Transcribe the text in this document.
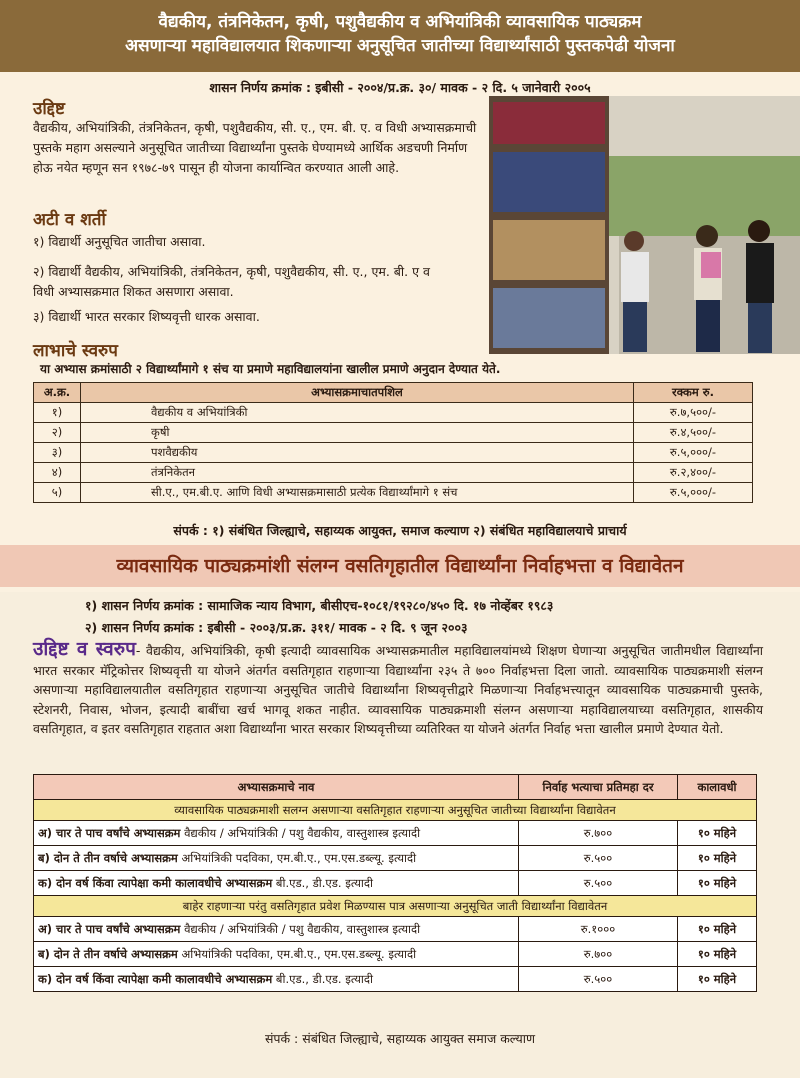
वैद्यकीय, तंत्रनिकेतन, कृषी, पशुवैद्यकीय व अभियांत्रिकी व्यावसायिक पाठ्यक्रम
असणाऱ्या महाविद्यालयात शिकणाऱ्या अनुसूचित जातीच्या विद्यार्थ्यांसाठी पुस्तकपेढी योजना
शासन निर्णय क्रमांक : इबीसी - २००४/प्र.क्र. ३०/ मावक - २ दि. ५ जानेवारी २००५
उद्दिष्ट
वैद्यकीय, अभियांत्रिकी, तंत्रनिकेतन, कृषी, पशुवैद्यकीय, सी. ए., एम. बी. ए. व विधी अभ्यासक्रमाची पुस्तके महाग असल्याने अनुसूचित जातीच्या विद्यार्थ्यांना पुस्तके घेण्यामध्ये आर्थिक अडचणी निर्माण होऊ नयेत म्हणून सन १९७८-७९ पासून ही योजना कार्यान्वित करण्यात आली आहे.
अटी व शर्ती
१) विद्यार्थी अनुसूचित जातीचा असावा.
२) विद्यार्थी वैद्यकीय, अभियांत्रिकी, तंत्रनिकेतन, कृषी, पशुवैद्यकीय, सी. ए., एम. बी. ए व विधी अभ्यासक्रमात शिकत असणारा असावा.
३) विद्यार्थी भारत सरकार शिष्यवृत्ती धारक असावा.
लाभाचे स्वरुप
या अभ्यास क्रमांसाठी २ विद्यार्थ्यांमागे १ संच या प्रमाणे महाविद्यालयांना खालील प्रमाणे अनुदान देण्यात येते.
अ.क्र.	अभ्यासक्रमाचातपशिल	रक्कम रु.
१)	वैद्यकीय व अभियांत्रिकी	रु.७,५००/-
२)	कृषी	रु.४,५००/-
३)	पशवैद्यकीय	रु.५,०००/-
४)	तंत्रनिकेतन	रु.२,४००/-
५)	सी.ए., एम.बी.ए. आणि विधी अभ्यासक्रमासाठी प्रत्येक विद्यार्थ्यांमागे १ संच	रु.५,०००/-
संपर्क : १) संबंधित जिल्ह्याचे, सहाय्यक आयुक्त, समाज कल्याण २) संबंधित महाविद्यालयाचे प्राचार्य
व्यावसायिक पाठ्यक्रमांशी संलग्न वसतिगृहातील विद्यार्थ्यांना निर्वाहभत्ता व विद्यावेतन
१) शासन निर्णय क्रमांक : सामाजिक न्याय विभाग, बीसीएच-१०८१/१९२८०/४५० दि. १७ नोव्हेंबर १९८३
२) शासन निर्णय क्रमांक : इबीसी - २००३/प्र.क्र. ३११/ मावक - २ दि. ९ जून २००३
उद्दिष्ट व स्वरुप- वैद्यकीय, अभियांत्रिकी, कृषी इत्यादी व्यावसायिक अभ्यासक्रमातील महाविद्यालयांमध्ये शिक्षण घेणाऱ्या अनुसूचित जातीमधील विद्यार्थ्यांना भारत सरकार मॅट्रिकोत्तर शिष्यवृत्ती या योजने अंतर्गत वसतिगृहात राहणाऱ्या विद्यार्थ्यांना २३५ ते ७०० निर्वाहभत्ता दिला जातो. व्यावसायिक पाठ्यक्रमाशी संलग्न असणाऱ्या महाविद्यालयातील वसतिगृहात राहणाऱ्या अनुसूचित जातीचे विद्यार्थ्यांना शिष्यवृत्तीद्वारे मिळणाऱ्या निर्वाहभत्त्यातून व्यावसायिक पाठ्यक्रमाची पुस्तके, स्टेशनरी, निवास, भोजन, इत्यादी बाबींचा खर्च भागवू शकत नाहीत. व्यावसायिक पाठ्यक्रमाशी संलग्न असणाऱ्या महाविद्यालयाच्या वसतिगृहात, शासकीय वसतिगृहात, व इतर वसतिगृहात राहतात अशा विद्यार्थ्यांना भारत सरकार शिष्यवृत्तीच्या व्यतिरिक्त या योजने अंतर्गत निर्वाह भत्ता खालील प्रमाणे देण्यात येतो.
अभ्यासक्रमाचे नाव	निर्वाह भत्याचा प्रतिमहा दर	कालावधी
व्यावसायिक पाठ्यक्रमाशी सलग्न असणाऱ्या वसतिगृहात राहणाऱ्या अनुसूचित जातीच्या विद्यार्थ्यांना विद्यावेतन		
अ) चार ते पाच वर्षांचे अभ्यासक्रम वैद्यकीय / अभियांत्रिकी / पशु वैद्यकीय, वास्तुशास्त्र इत्यादी	रु.७००	१० महिने
ब) दोन ते तीन वर्षाचे अभ्यासक्रम अभियांत्रिकी पदविका, एम.बी.ए., एम.एस.डब्ल्यू. इत्यादी	रु.५००	१० महिने
क) दोन वर्ष किंवा त्यापेक्षा कमी कालावधीचे अभ्यासक्रम बी.एड., डी.एड. इत्यादी	रु.५००	१० महिने
बाहेर राहणाऱ्या परंतु वसतिगृहात प्रवेश मिळण्यास पात्र असणाऱ्या अनुसूचित जाती विद्यार्थ्यांना विद्यावेतन		
अ) चार ते पाच वर्षांचे अभ्यासक्रम वैद्यकीय / अभियांत्रिकी / पशु वैद्यकीय, वास्तुशास्त्र इत्यादी	रु.१०००	१० महिने
ब) दोन ते तीन वर्षाचे अभ्यासक्रम अभियांत्रिकी पदविका, एम.बी.ए., एम.एस.डब्ल्यू. इत्यादी	रु.७००	१० महिने
क) दोन वर्ष किंवा त्यापेक्षा कमी कालावधीचे अभ्यासक्रम बी.एड., डी.एड. इत्यादी	रु.५००	१० महिने
संपर्क : संबंधित जिल्ह्याचे, सहाय्यक आयुक्त समाज कल्याण
